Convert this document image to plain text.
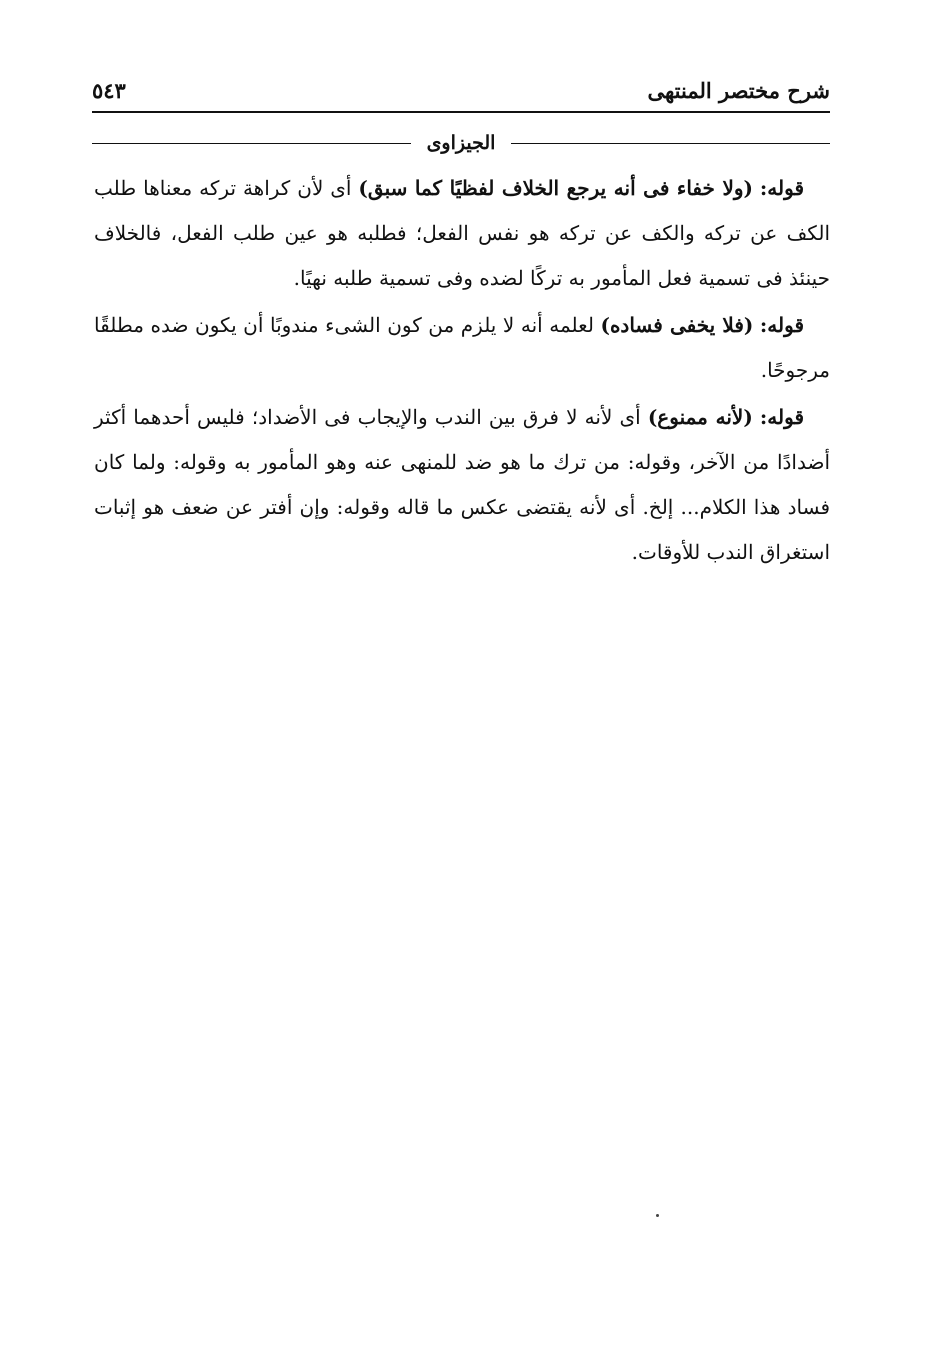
شرح مختصر المنتهى
٥٤٣
الجيزاوى

قوله: (ولا خفاء فى أنه يرجع الخلاف لفظيًا كما سبق) أى لأن كراهة تركه معناها طلب الكف عن تركه والكف عن تركه هو نفس الفعل؛ فطلبه هو عين طلب الفعل، فالخلاف حينئذ فى تسمية فعل المأمور به تركًا لضده وفى تسمية طلبه نهيًا.

قوله: (فلا يخفى فساده) لعلمه أنه لا يلزم من كون الشىء مندوبًا أن يكون ضده مطلقًا مرجوحًا.

قوله: (لأنه ممنوع) أى لأنه لا فرق بين الندب والإيجاب فى الأضداد؛ فليس أحدهما أكثر أضدادًا من الآخر، وقوله: من ترك ما هو ضد للمنهى عنه وهو المأمور به وقوله: ولما كان فساد هذا الكلام... إلخ. أى لأنه يقتضى عكس ما قاله وقوله: وإن أفتر عن ضعف هو إثبات استغراق الندب للأوقات.
